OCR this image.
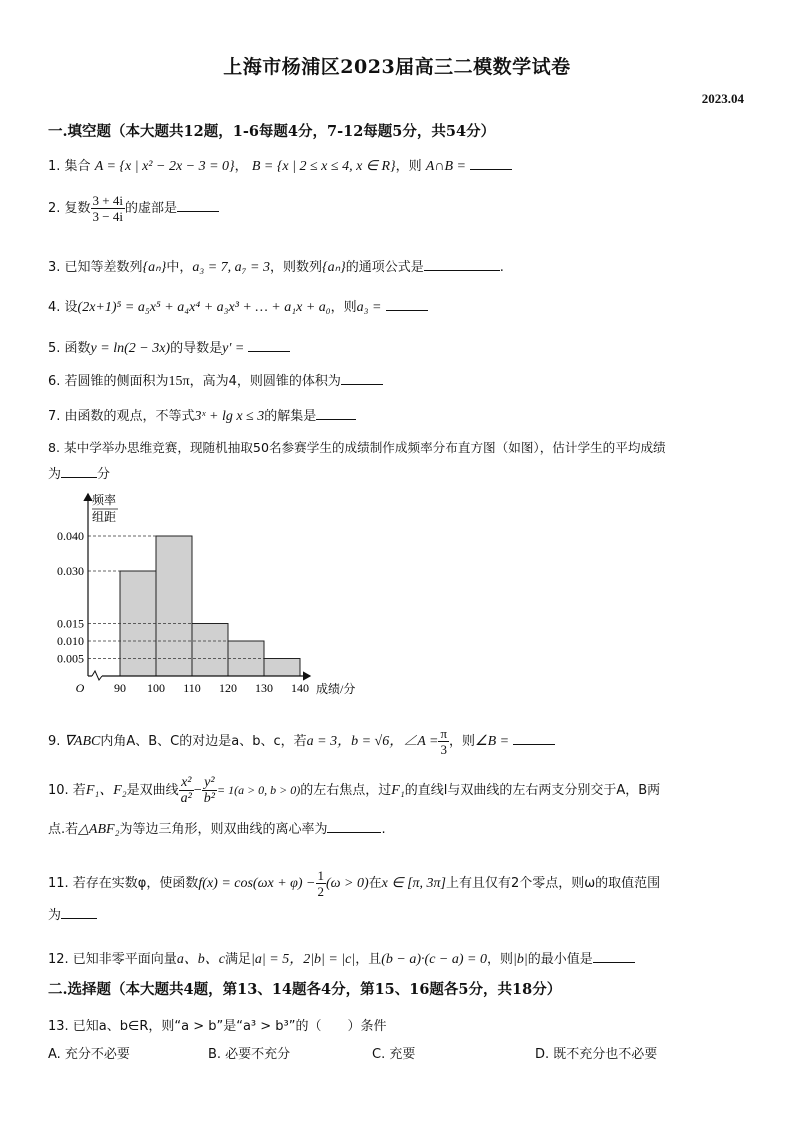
上海市杨浦区2023届高三二模数学试卷
2023.04
一.填空题（本大题共12题，1-6每题4分，7-12每题5分，共54分）
1. 集合 A = {x | x² − 2x − 3 = 0}， B = {x | 2 ≤ x ≤ 4, x ∈ R}，则 A∩B =
2. 复数 $\frac{3 + 4i}{3 - 4i}$ 的虚部是
3. 已知等差数列{aₙ}中，a₃ = 7, a₇ = 3，则数列{aₙ}的通项公式是	.
4. 设(2x+1)⁵ = a₅x⁵ + a₄x⁴ + a₃x³ + … + a₁x + a₀，则a₃ =
5. 函数y = ln(2 − 3x)的导数是y′ =
6. 若圆锥的侧面积为15π，高为4，则圆锥的体积为
7. 由函数的观点，不等式3ˣ + lg x ≤ 3的解集是
8. 某中学举办思维竞赛，现随机抽取50名参赛学生的成绩制作成频率分布直方图（如图），估计学生的平均成绩
为	分
0.040
0.030
0.015
0.010
0.005
90 100 110 120 130 140
O	成绩/分
频率
组距
9. ∇ABC内角A、B、C的对边是a、b、c，若a = 3，b = √6，∠A = $\frac{\pi}{3}$ ，则∠B =
10. 若F₁、F₂是双曲线 $\frac{\text{x²}}{\text{a²}} - \frac{\text{y²}}{\text{b²}} = 1(a > 0$, b > 0)的左右焦点，过F₁的直线l与双曲线的左右两支分别交于A，B两
点.若△ABF₂为等边三角形，则双曲线的离心率为	.
11. 若存在实数φ，使函数$f(x) = \cos(\omega x + \varphi) - \frac{1}{2} (\omega > 0)$在x ∈ [π, 3π]上有且仅有2个零点，则ω的取值范围
为
12. 已知非零平面向量a、b、c满足|a| = 5，2|b| = |c|，且(b − a)·(c − a) = 0，则|b|的最小值是
二.选择题（本大题共4题，第13、14题各4分，第15、16题各5分，共18分）
13. 已知a、b∈R，则“a > b”是“a³ > b³”的（　　）条件
A. 充分不必要	B. 必要不充分	C. 充要	D. 既不充分也不必要
